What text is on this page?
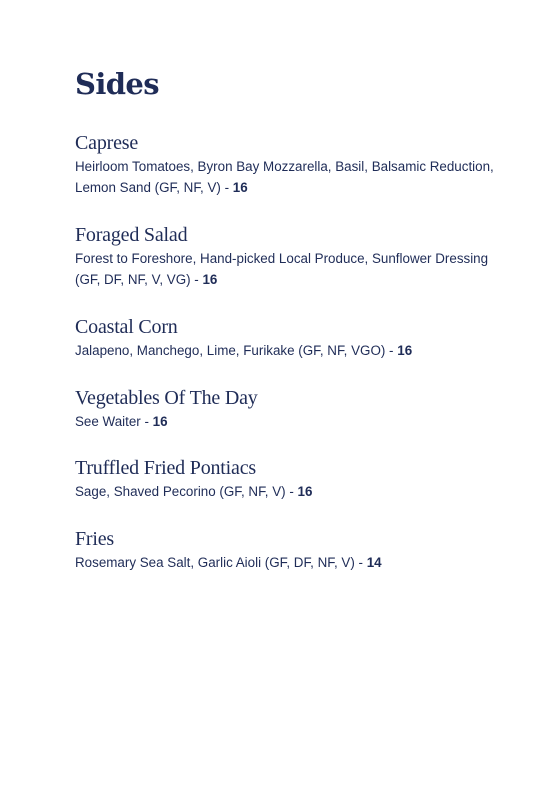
Sides

Caprese

Heirloom Tomatoes, Byron Bay Mozzarella, Basil, Balsamic Reduction, Lemon Sand (GF, NF, V) - 16

Foraged Salad

Forest to Foreshore, Hand-picked Local Produce, Sunflower Dressing (GF, DF, NF, V, VG) - 16

Coastal Corn

Jalapeno, Manchego, Lime, Furikake (GF, NF, VGO) - 16

Vegetables Of The Day

See Waiter - 16

Truffled Fried Pontiacs

Sage, Shaved Pecorino (GF, NF, V) - 16

Fries

Rosemary Sea Salt, Garlic Aioli (GF, DF, NF, V) - 14
